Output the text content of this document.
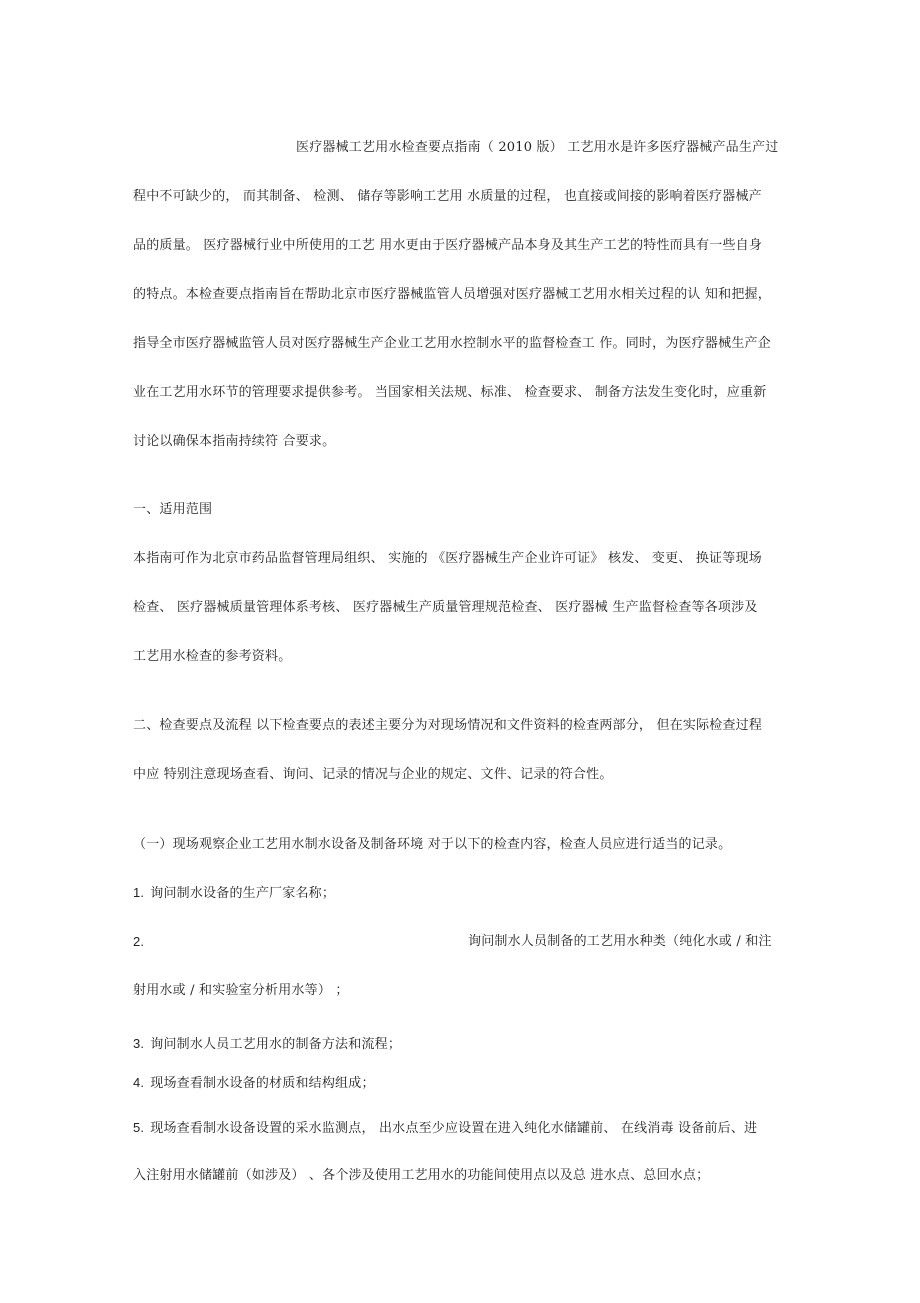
医疗器械工艺用水检查要点指南（ 2010 版） 工艺用水是许多医疗器械产品生产过
程中不可缺少的， 而其制备、 检测、 储存等影响工艺用 水质量的过程， 也直接或间接的影响着医疗器械产
品的质量。 医疗器械行业中所使用的工艺 用水更由于医疗器械产品本身及其生产工艺的特性而具有一些自身
的特点。本检查要点指南旨在帮助北京市医疗器械监管人员增强对医疗器械工艺用水相关过程的认 知和把握，
指导全市医疗器械监管人员对医疗器械生产企业工艺用水控制水平的监督检查工 作。同时，为医疗器械生产企
业在工艺用水环节的管理要求提供参考。 当国家相关法规、标准、 检查要求、 制备方法发生变化时，应重新
讨论以确保本指南持续符 合要求。
一、适用范围
本指南可作为北京市药品监督管理局组织、 实施的 《医疗器械生产企业许可证》 核发、 变更、 换证等现场
检查、 医疗器械质量管理体系考核、 医疗器械生产质量管理规范检查、 医疗器械 生产监督检查等各项涉及
工艺用水检查的参考资料。
二、检查要点及流程 以下检查要点的表述主要分为对现场情况和文件资料的检查两部分， 但在实际检查过程
中应 特别注意现场查看、询问、记录的情况与企业的规定、文件、记录的符合性。
（一）现场观察企业工艺用水制水设备及制备环境 对于以下的检查内容，检查人员应进行适当的记录。
1. 询问制水设备的生产厂家名称；
2.	询问制水人员制备的工艺用水种类（纯化水或 / 和注
射用水或 / 和实验室分析用水等） ；
3. 询问制水人员工艺用水的制备方法和流程；
4. 现场查看制水设备的材质和结构组成；
5. 现场查看制水设备设置的采水监测点， 出水点至少应设置在进入纯化水储罐前、 在线消毒 设备前后、进
入注射用水储罐前（如涉及） 、各个涉及使用工艺用水的功能间使用点以及总 进水点、总回水点；
